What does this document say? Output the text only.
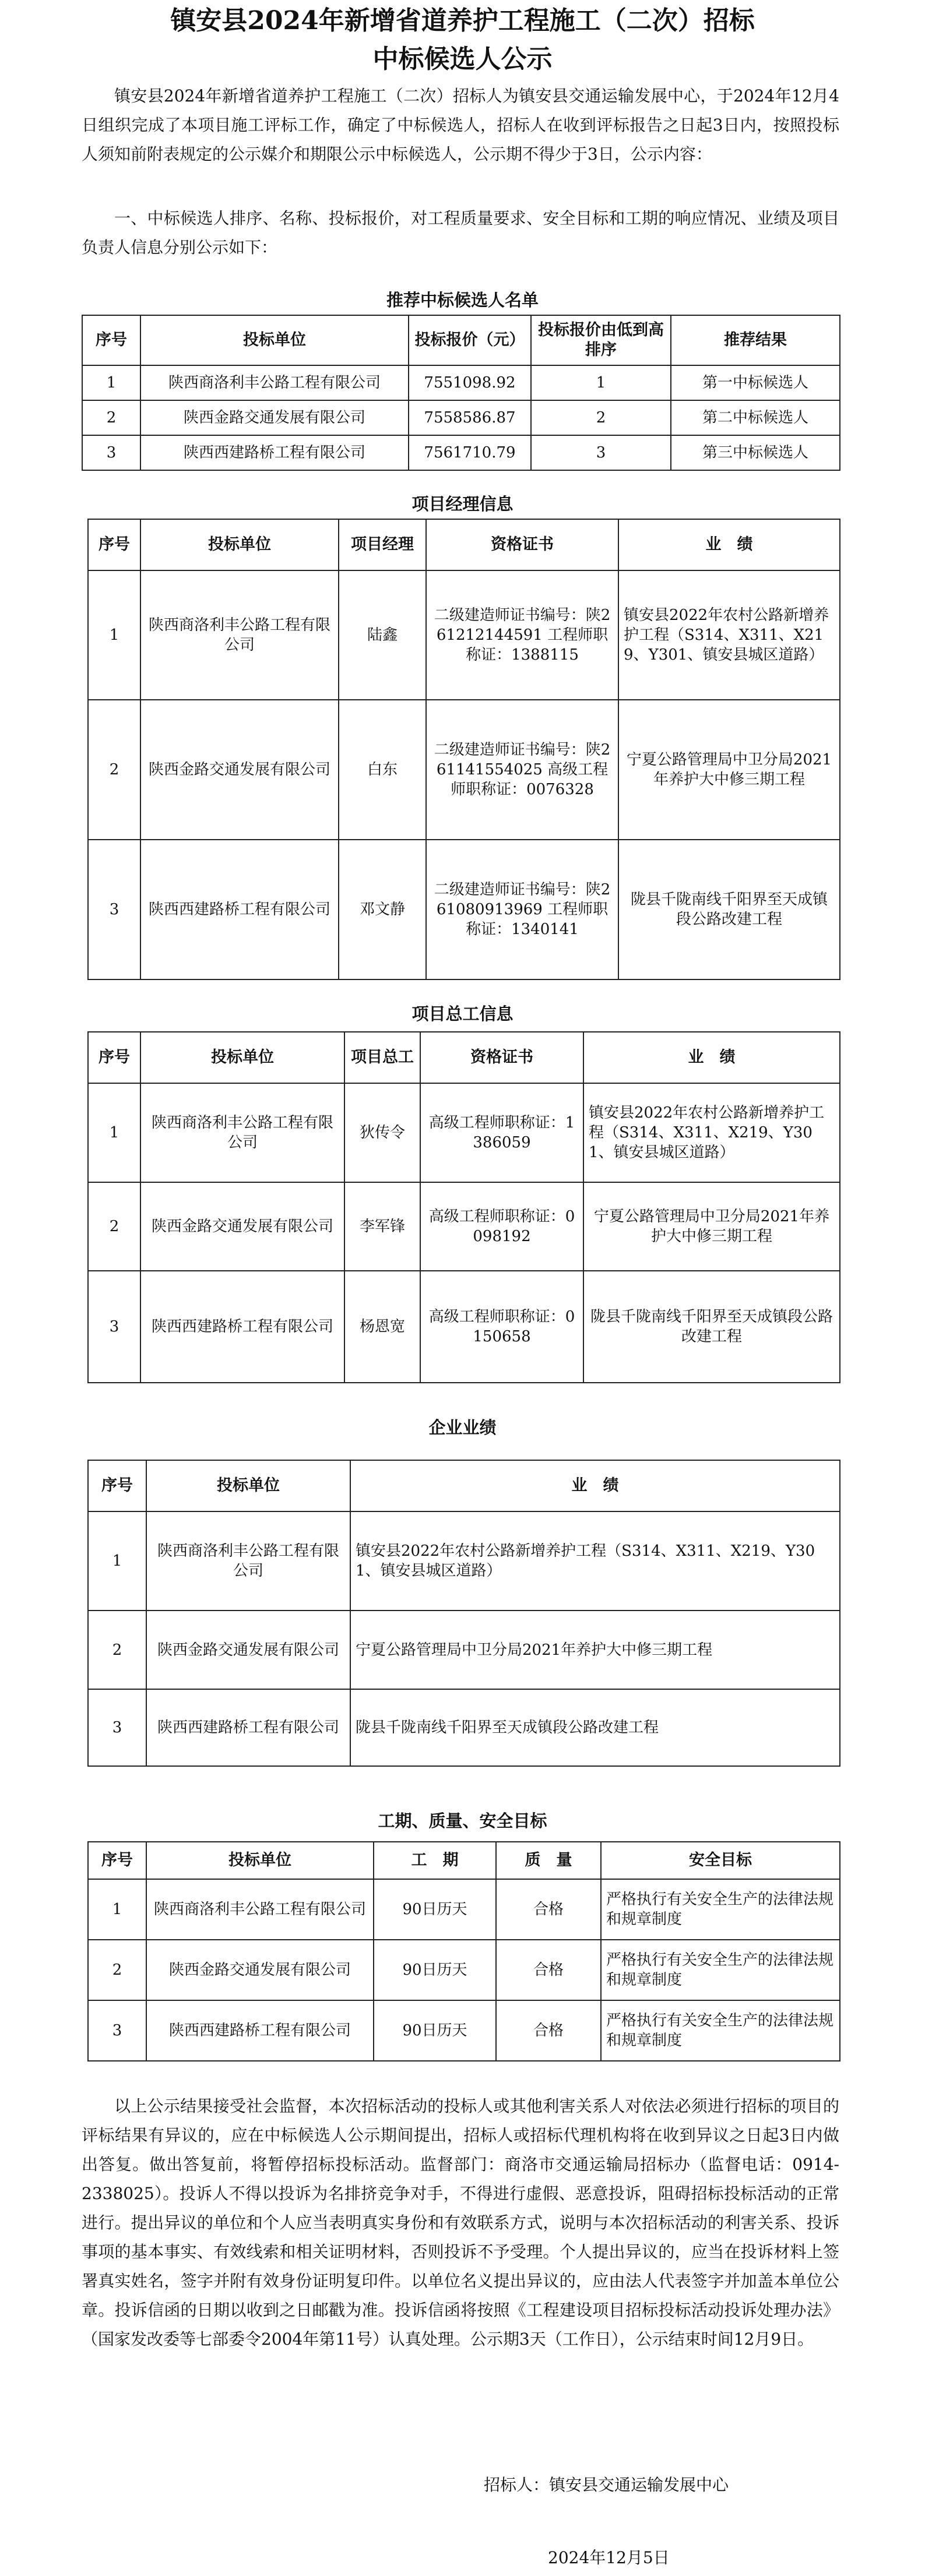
镇安县2024年新增省道养护工程施工（二次）招标
中标候选人公示

镇安县2024年新增省道养护工程施工（二次）招标人为镇安县交通运输发展中心，于2024年12月4日组织完成了本项目施工评标工作，确定了中标候选人，招标人在收到评标报告之日起3日内，按照投标人须知前附表规定的公示媒介和期限公示中标候选人，公示期不得少于3日，公示内容：

一、中标候选人排序、名称、投标报价，对工程质量要求、安全目标和工期的响应情况、业绩及项目负责人信息分别公示如下：

推荐中标候选人名单
序号	投标单位	投标报价（元）	投标报价由低到高排序	推荐结果
1	陕西商洛利丰公路工程有限公司	7551098.92	1	第一中标候选人
2	陕西金路交通发展有限公司	7558586.87	2	第二中标候选人
3	陕西西建路桥工程有限公司	7561710.79	3	第三中标候选人
项目经理信息
序号	投标单位	项目经理	资格证书	业　绩
1	陕西商洛利丰公路工程有限公司	陆鑫	二级建造师证书编号：陕261212144591 工程师职称证：1388115	镇安县2022年农村公路新增养护工程（S314、X311、X219、Y301、镇安县城区道路）
2	陕西金路交通发展有限公司	白东	二级建造师证书编号：陕261141554025 高级工程师职称证：0076328	宁夏公路管理局中卫分局2021年养护大中修三期工程
3	陕西西建路桥工程有限公司	邓文静	二级建造师证书编号：陕261080913969 工程师职称证：1340141	陇县千陇南线千阳界至天成镇段公路改建工程
项目总工信息
序号	投标单位	项目总工	资格证书	业　绩
1	陕西商洛利丰公路工程有限公司	狄传令	高级工程师职称证：1386059	镇安县2022年农村公路新增养护工程（S314、X311、X219、Y301、镇安县城区道路）
2	陕西金路交通发展有限公司	李军锋	高级工程师职称证：0098192	宁夏公路管理局中卫分局2021年养护大中修三期工程
3	陕西西建路桥工程有限公司	杨恩宽	高级工程师职称证：0150658	陇县千陇南线千阳界至天成镇段公路改建工程
企业业绩
序号	投标单位	业　绩
1	陕西商洛利丰公路工程有限公司	镇安县2022年农村公路新增养护工程（S314、X311、X219、Y301、镇安县城区道路）
2	陕西金路交通发展有限公司	宁夏公路管理局中卫分局2021年养护大中修三期工程
3	陕西西建路桥工程有限公司	陇县千陇南线千阳界至天成镇段公路改建工程
工期、质量、安全目标
序号	投标单位	工　期	质　量	安全目标
1	陕西商洛利丰公路工程有限公司	90日历天	合格	严格执行有关安全生产的法律法规和规章制度
2	陕西金路交通发展有限公司	90日历天	合格	严格执行有关安全生产的法律法规和规章制度
3	陕西西建路桥工程有限公司	90日历天	合格	严格执行有关安全生产的法律法规和规章制度

以上公示结果接受社会监督，本次招标活动的投标人或其他利害关系人对依法必须进行招标的项目的评标结果有异议的，应在中标候选人公示期间提出，招标人或招标代理机构将在收到异议之日起3日内做出答复。做出答复前，将暂停招标投标活动。监督部门：商洛市交通运输局招标办（监督电话：0914-2338025）。投诉人不得以投诉为名排挤竞争对手，不得进行虚假、恶意投诉，阻碍招标投标活动的正常进行。提出异议的单位和个人应当表明真实身份和有效联系方式，说明与本次招标活动的利害关系、投诉事项的基本事实、有效线索和相关证明材料，否则投诉不予受理。个人提出异议的，应当在投诉材料上签署真实姓名，签字并附有效身份证明复印件。以单位名义提出异议的，应由法人代表签字并加盖本单位公章。投诉信函的日期以收到之日邮戳为准。投诉信函将按照《工程建设项目招标投标活动投诉处理办法》（国家发改委等七部委令2004年第11号）认真处理。公示期3天（工作日），公示结束时间12月9日。

招标人：镇安县交通运输发展中心
2024年12月5日
